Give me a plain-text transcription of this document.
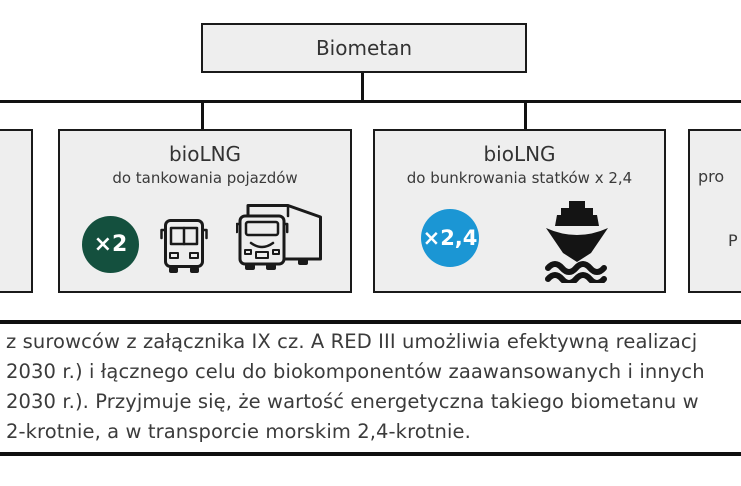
Biometan
bioLNG
do tankowania pojazdów
×2
bioLNG
do bunkrowania statków x 2,4
×2,4
pro
P
z surowców z załącznika IX cz. A RED III umożliwia efektywną realizacj
2030 r.) i łącznego celu do biokomponentów zaawansowanych i innych
2030 r.). Przyjmuje się, że wartość energetyczna takiego biometanu w
2-krotnie, a w transporcie morskim 2,4-krotnie.
